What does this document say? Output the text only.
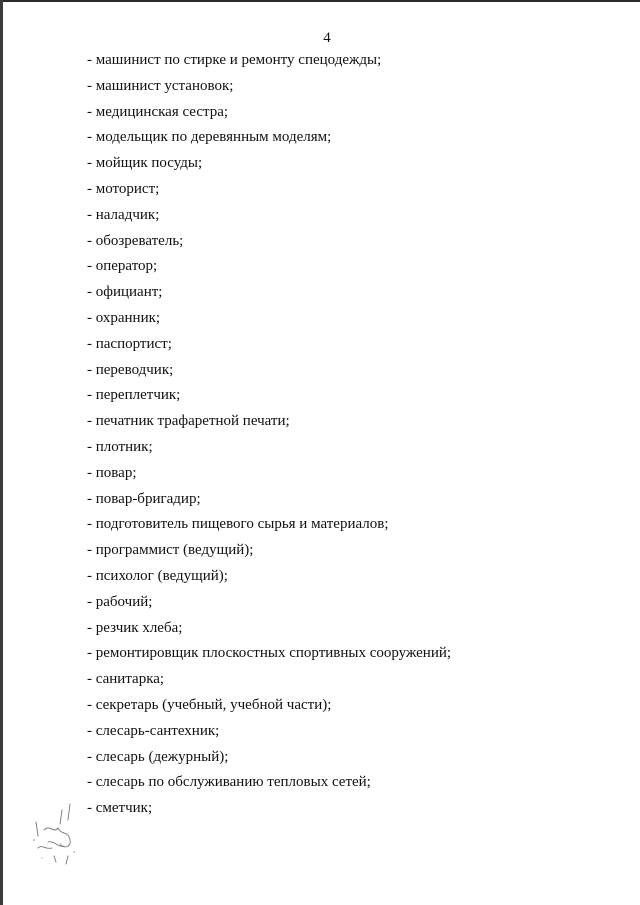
4
- машинист по стирке и ремонту спецодежды;
- машинист установок;
- медицинская сестра;
- модельщик по деревянным моделям;
- мойщик посуды;
- моторист;
- наладчик;
- обозреватель;
- оператор;
- официант;
- охранник;
- паспортист;
- переводчик;
- переплетчик;
- печатник трафаретной печати;
- плотник;
- повар;
- повар-бригадир;
- подготовитель пищевого сырья и материалов;
- программист (ведущий);
- психолог (ведущий);
- рабочий;
- резчик хлеба;
- ремонтировщик плоскостных спортивных сооружений;
- санитарка;
- секретарь (учебный, учебной части);
- слесарь-сантехник;
- слесарь (дежурный);
- слесарь по обслуживанию тепловых сетей;
- сметчик;
